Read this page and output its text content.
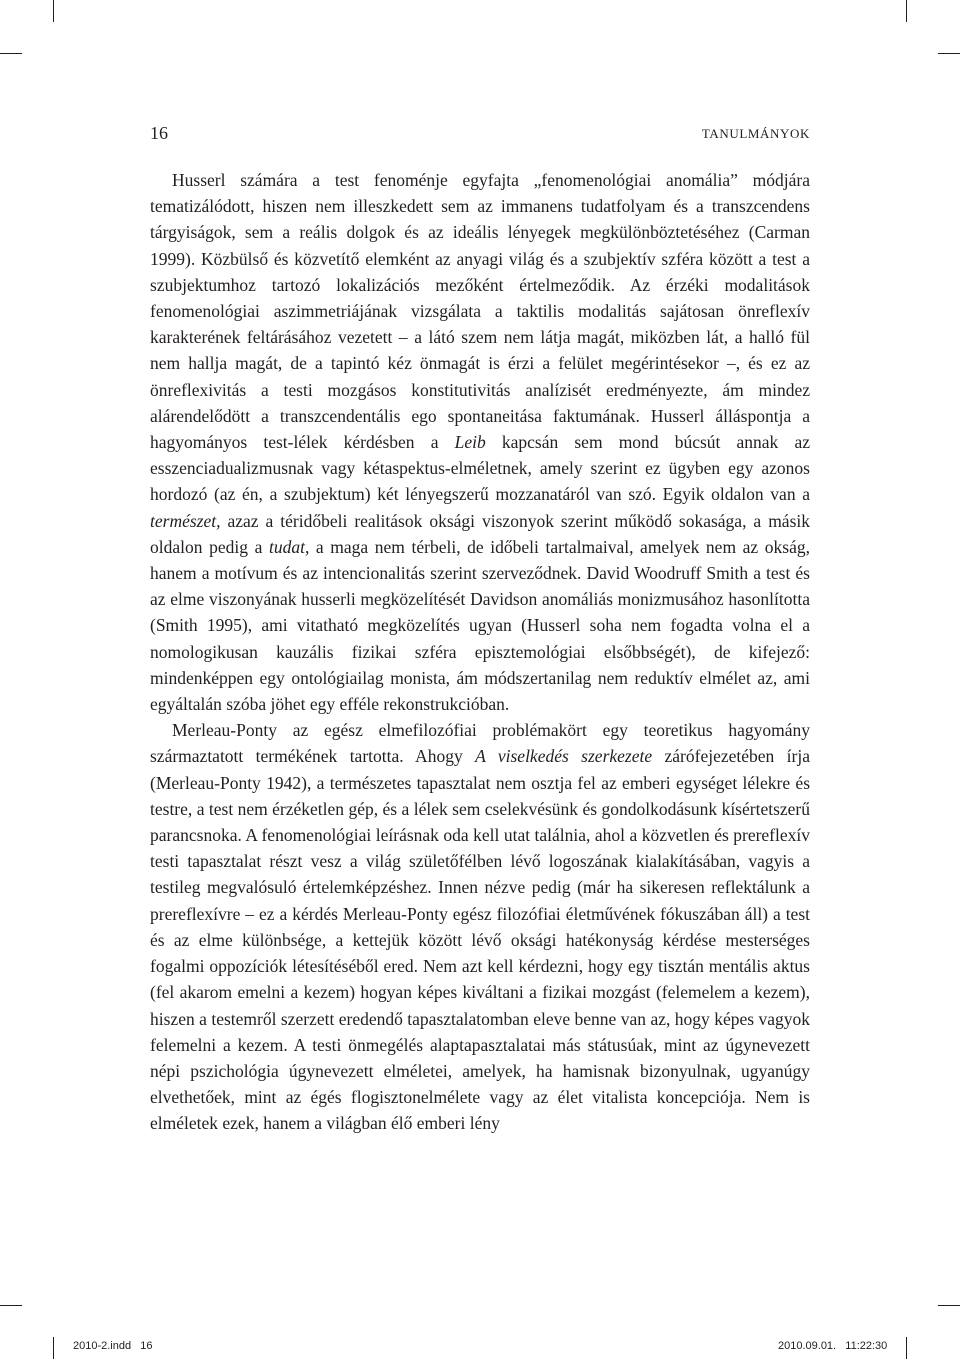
16	TANULMÁNYOK

Husserl számára a test fenoménje egyfajta „fenomenológiai anomália” módjára tematizálódott, hiszen nem illeszkedett sem az immanens tudatfolyam és a transzcendens tárgyiságok, sem a reális dolgok és az ideális lényegek megkülönböztetéséhez (Carman 1999). Közbülső és közvetítő elemként az anyagi világ és a szubjektív szféra között a test a szubjektumhoz tartozó lokalizációs mezőként értelmeződik. Az érzéki modalitások fenomenológiai aszimmetriájának vizsgálata a taktilis modalitás sajátosan önreflexív karakterének feltárásához vezetett – a látó szem nem látja magát, miközben lát, a halló fül nem hallja magát, de a tapintó kéz önmagát is érzi a felület megérintésekor –, és ez az önreflexivitás a testi mozgásos konstitutivitás analízisét eredményezte, ám mindez alárendelődött a transzcendentális ego spontaneitása faktumának. Husserl álláspontja a hagyományos test-lélek kérdésben a Leib kapcsán sem mond búcsút annak az esszenciadualizmusnak vagy kétaspektus-elméletnek, amely szerint ez ügyben egy azonos hordozó (az én, a szubjektum) két lényegszerű mozzanatáról van szó. Egyik oldalon van a természet, azaz a téridőbeli realitások oksági viszonyok szerint működő sokasága, a másik oldalon pedig a tudat, a maga nem térbeli, de időbeli tartalmaival, amelyek nem az okság, hanem a motívum és az intencionalitás szerint szerveződnek. David Woodruff Smith a test és az elme viszonyának husserli megközelítését Davidson anomáliás monizmusához hasonlította (Smith 1995), ami vitatható megközelítés ugyan (Husserl soha nem fogadta volna el a nomologikusan kauzális fizikai szféra episztemológiai elsőbbségét), de kifejező: mindenképpen egy ontológiailag monista, ám módszertanilag nem reduktív elmélet az, ami egyáltalán szóba jöhet egy efféle rekonstrukcióban.

Merleau-Ponty az egész elmefilozófiai problémakört egy teoretikus hagyomány származtatott termékének tartotta. Ahogy A viselkedés szerkezete zárófejezetében írja (Merleau-Ponty 1942), a természetes tapasztalat nem osztja fel az emberi egységet lélekre és testre, a test nem érzéketlen gép, és a lélek sem cselekvésünk és gondolkodásunk kísértetszerű parancsnoka. A fenomenológiai leírásnak oda kell utat találnia, ahol a közvetlen és prereflexív testi tapasztalat részt vesz a világ születőfélben lévő logoszának kialakításában, vagyis a testileg megvalósuló értelemképzéshez. Innen nézve pedig (már ha sikeresen reflektálunk a prereflexívre – ez a kérdés Merleau-Ponty egész filozófiai életművének fókuszában áll) a test és az elme különbsége, a kettejük között lévő oksági hatékonyság kérdése mesterséges fogalmi oppozíciók létesítéséből ered. Nem azt kell kérdezni, hogy egy tisztán mentális aktus (fel akarom emelni a kezem) hogyan képes kiváltani a fizikai mozgást (felemelem a kezem), hiszen a testemről szerzett eredendő tapasztalatomban eleve benne van az, hogy képes vagyok felemelni a kezem. A testi önmegélés alaptapasztalatai más státusúak, mint az úgynevezett népi pszichológia úgynevezett elméletei, amelyek, ha hamisnak bizonyulnak, ugyanúgy elvethetőek, mint az égés flogisztonelmélete vagy az élet vitalista koncepciója. Nem is elméletek ezek, hanem a világban élő emberi lény

2010-2.indd   16	2010.09.01.   11:22:30
